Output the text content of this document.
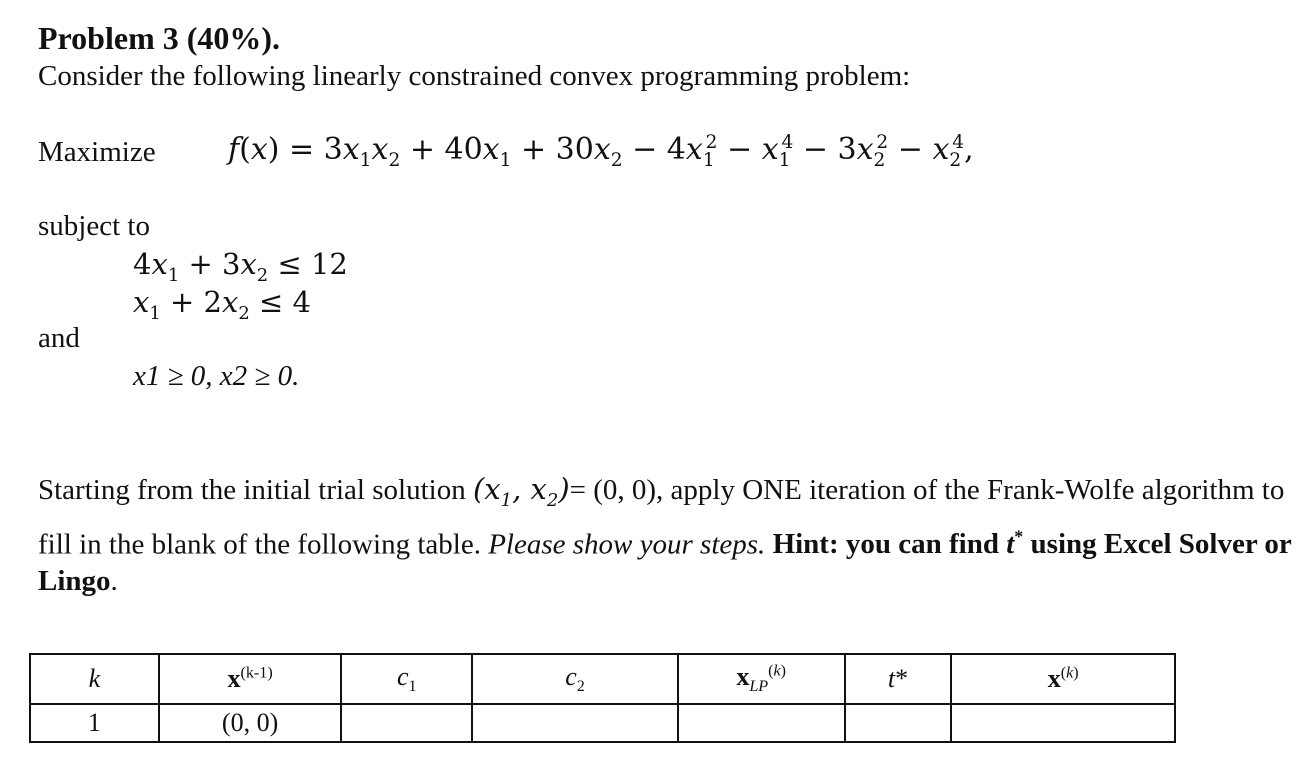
Problem 3 (40%).
Consider the following linearly constrained convex programming problem:
Maximize $f(x) = 3x_1x_2 + 40x_1 + 30x_2 - 4x_1^2 - x_1^4 - 3x_2^2 - x_2^4$,
subject to
$4x_1 + 3x_2 \le 12$
$x_1 + 2x_2 \le 4$
and
x1 ≥ 0, x2 ≥ 0.
Starting from the initial trial solution ($x_1$, $x_2)= (0$, 0), apply ONE iteration of the Frank-Wolfe algorithm to fill in the blank of the following table. Please show your steps. Hint: you can find t* using Excel Solver or Lingo.
k	$x^{(k-1)}$	$c_1$	$c_2$	$x_{LP}^{(k)}$	t*	$x^{(k)}$
1	(0, 0)					
